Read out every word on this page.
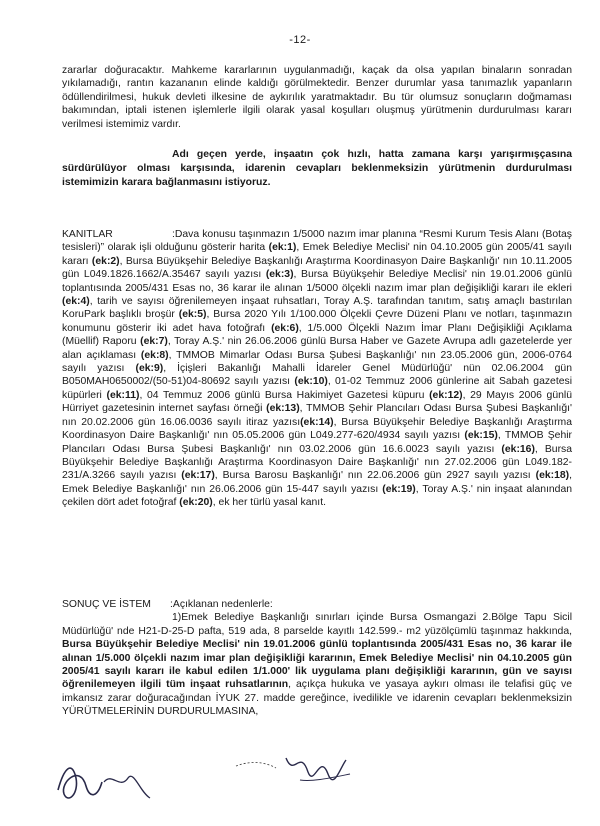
-12-

zararlar doğuracaktır. Mahkeme kararlarının uygulanmadığı, kaçak da olsa yapılan binaların sonradan yıkılamadığı, rantın kazananın elinde kaldığı görülmektedir. Benzer durumlar yasa tanımazlık yapanların ödüllendirilmesi, hukuk devleti ilkesine de aykırılık yaratmaktadır. Bu tür olumsuz sonuçların doğmaması bakımından, iptali istenen işlemlerle ilgili olarak yasal koşulları oluşmuş yürütmenin durdurulması kararı verilmesi istemimiz vardır.

Adı geçen yerde, inşaatın çok hızlı, hatta zamana karşı yarışırmışçasına sürdürülüyor olması karşısında, idarenin cevapları beklenmeksizin yürütmenin durdurulması istemimizin karara bağlanmasını istiyoruz.

KANITLAR	:Dava konusu taşınmazın 1/5000 nazım imar planına “Resmi Kurum Tesis Alanı (Botaş tesisleri)” olarak işli olduğunu gösterir harita (ek:1), Emek Belediye Meclisi' nin 04.10.2005 gün 2005/41 sayılı kararı (ek:2), Bursa Büyükşehir Belediye Başkanlığı Araştırma Koordinasyon Daire Başkanlığı' nın 10.11.2005 gün L049.1826.1662/A.35467 sayılı yazısı (ek:3), Bursa Büyükşehir Belediye Meclisi' nin 19.01.2006 günlü toplantısında 2005/431 Esas no, 36 karar ile alınan 1/5000 ölçekli nazım imar plan değişikliği kararı ile ekleri (ek:4), tarih ve sayısı öğrenilemeyen inşaat ruhsatları, Toray A.Ş. tarafından tanıtım, satış amaçlı bastırılan KoruPark başlıklı broşür (ek:5), Bursa 2020 Yılı 1/100.000 Ölçekli Çevre Düzeni Planı ve notları, taşınmazın konumunu gösterir iki adet hava fotoğrafı (ek:6), 1/5.000 Ölçekli Nazım İmar Planı Değişikliği Açıklama (Müellif) Raporu (ek:7), Toray A.Ş.' nin 26.06.2006 günlü Bursa Haber ve Gazete Avrupa adlı gazetelerde yer alan açıklaması (ek:8), TMMOB Mimarlar Odası Bursa Şubesi Başkanlığı' nın 23.05.2006 gün, 2006-0764 sayılı yazısı (ek:9), İçişleri Bakanlığı Mahalli İdareler Genel Müdürlüğü' nün 02.06.2004 gün B050MAH0650002/(50-51)04-80692 sayılı yazısı (ek:10), 01-02 Temmuz 2006 günlerine ait Sabah gazetesi küpürleri (ek:11), 04 Temmuz 2006 günlü Bursa Hakimiyet Gazetesi küpuru (ek:12), 29 Mayıs 2006 günlü Hürriyet gazetesinin internet sayfası örneği (ek:13), TMMOB Şehir Plancıları Odası Bursa Şubesi Başkanlığı' nın 20.02.2006 gün 16.06.0036 sayılı itiraz yazısı(ek:14), Bursa Büyükşehir Belediye Başkanlığı Araştırma Koordinasyon Daire Başkanlığı' nın 05.05.2006 gün L049.277-620/4934 sayılı yazısı (ek:15), TMMOB Şehir Plancıları Odası Bursa Şubesi Başkanlığı' nın 03.02.2006 gün 16.6.0023 sayılı yazısı (ek:16), Bursa Büyükşehir Belediye Başkanlığı Araştırma Koordinasyon Daire Başkanlığı' nın 27.02.2006 gün L049.182-231/A.3266 sayılı yazısı (ek:17), Bursa Barosu Başkanlığı' nın 22.06.2006 gün 2927 sayılı yazısı (ek:18), Emek Belediye Başkanlığı' nın 26.06.2006 gün 15-447 sayılı yazısı (ek:19), Toray A.Ş.' nin inşaat alanından çekilen dört adet fotoğraf (ek:20), ek her türlü yasal kanıt.
SONUÇ VE İSTEM :Açıklanan nedenlerle:
1)Emek Belediye Başkanlığı sınırları içinde Bursa Osmangazi 2.Bölge Tapu Sicil Müdürlüğü' nde H21-D-25-D pafta, 519 ada, 8 parselde kayıtlı 142.599.- m2 yüzölçümlü taşınmaz hakkında, Bursa Büyükşehir Belediye Meclisi' nin 19.01.2006 günlü toplantısında 2005/431 Esas no, 36 karar ile alınan 1/5.000 ölçekli nazım imar plan değişikliği kararının, Emek Belediye Meclisi' nin 04.10.2005 gün 2005/41 sayılı kararı ile kabul edilen 1/1.000' lik uygulama planı değişikliği kararının, gün ve sayısı öğrenilemeyen ilgili tüm inşaat ruhsatlarının, açıkça hukuka ve yasaya aykırı olması ile telafisi güç ve imkansız zarar doğuracağından İYUK 27. madde gereğince, ivedilikle ve idarenin cevapları beklenmeksizin YÜRÜTMELERİNİN DURDURULMASINA,
